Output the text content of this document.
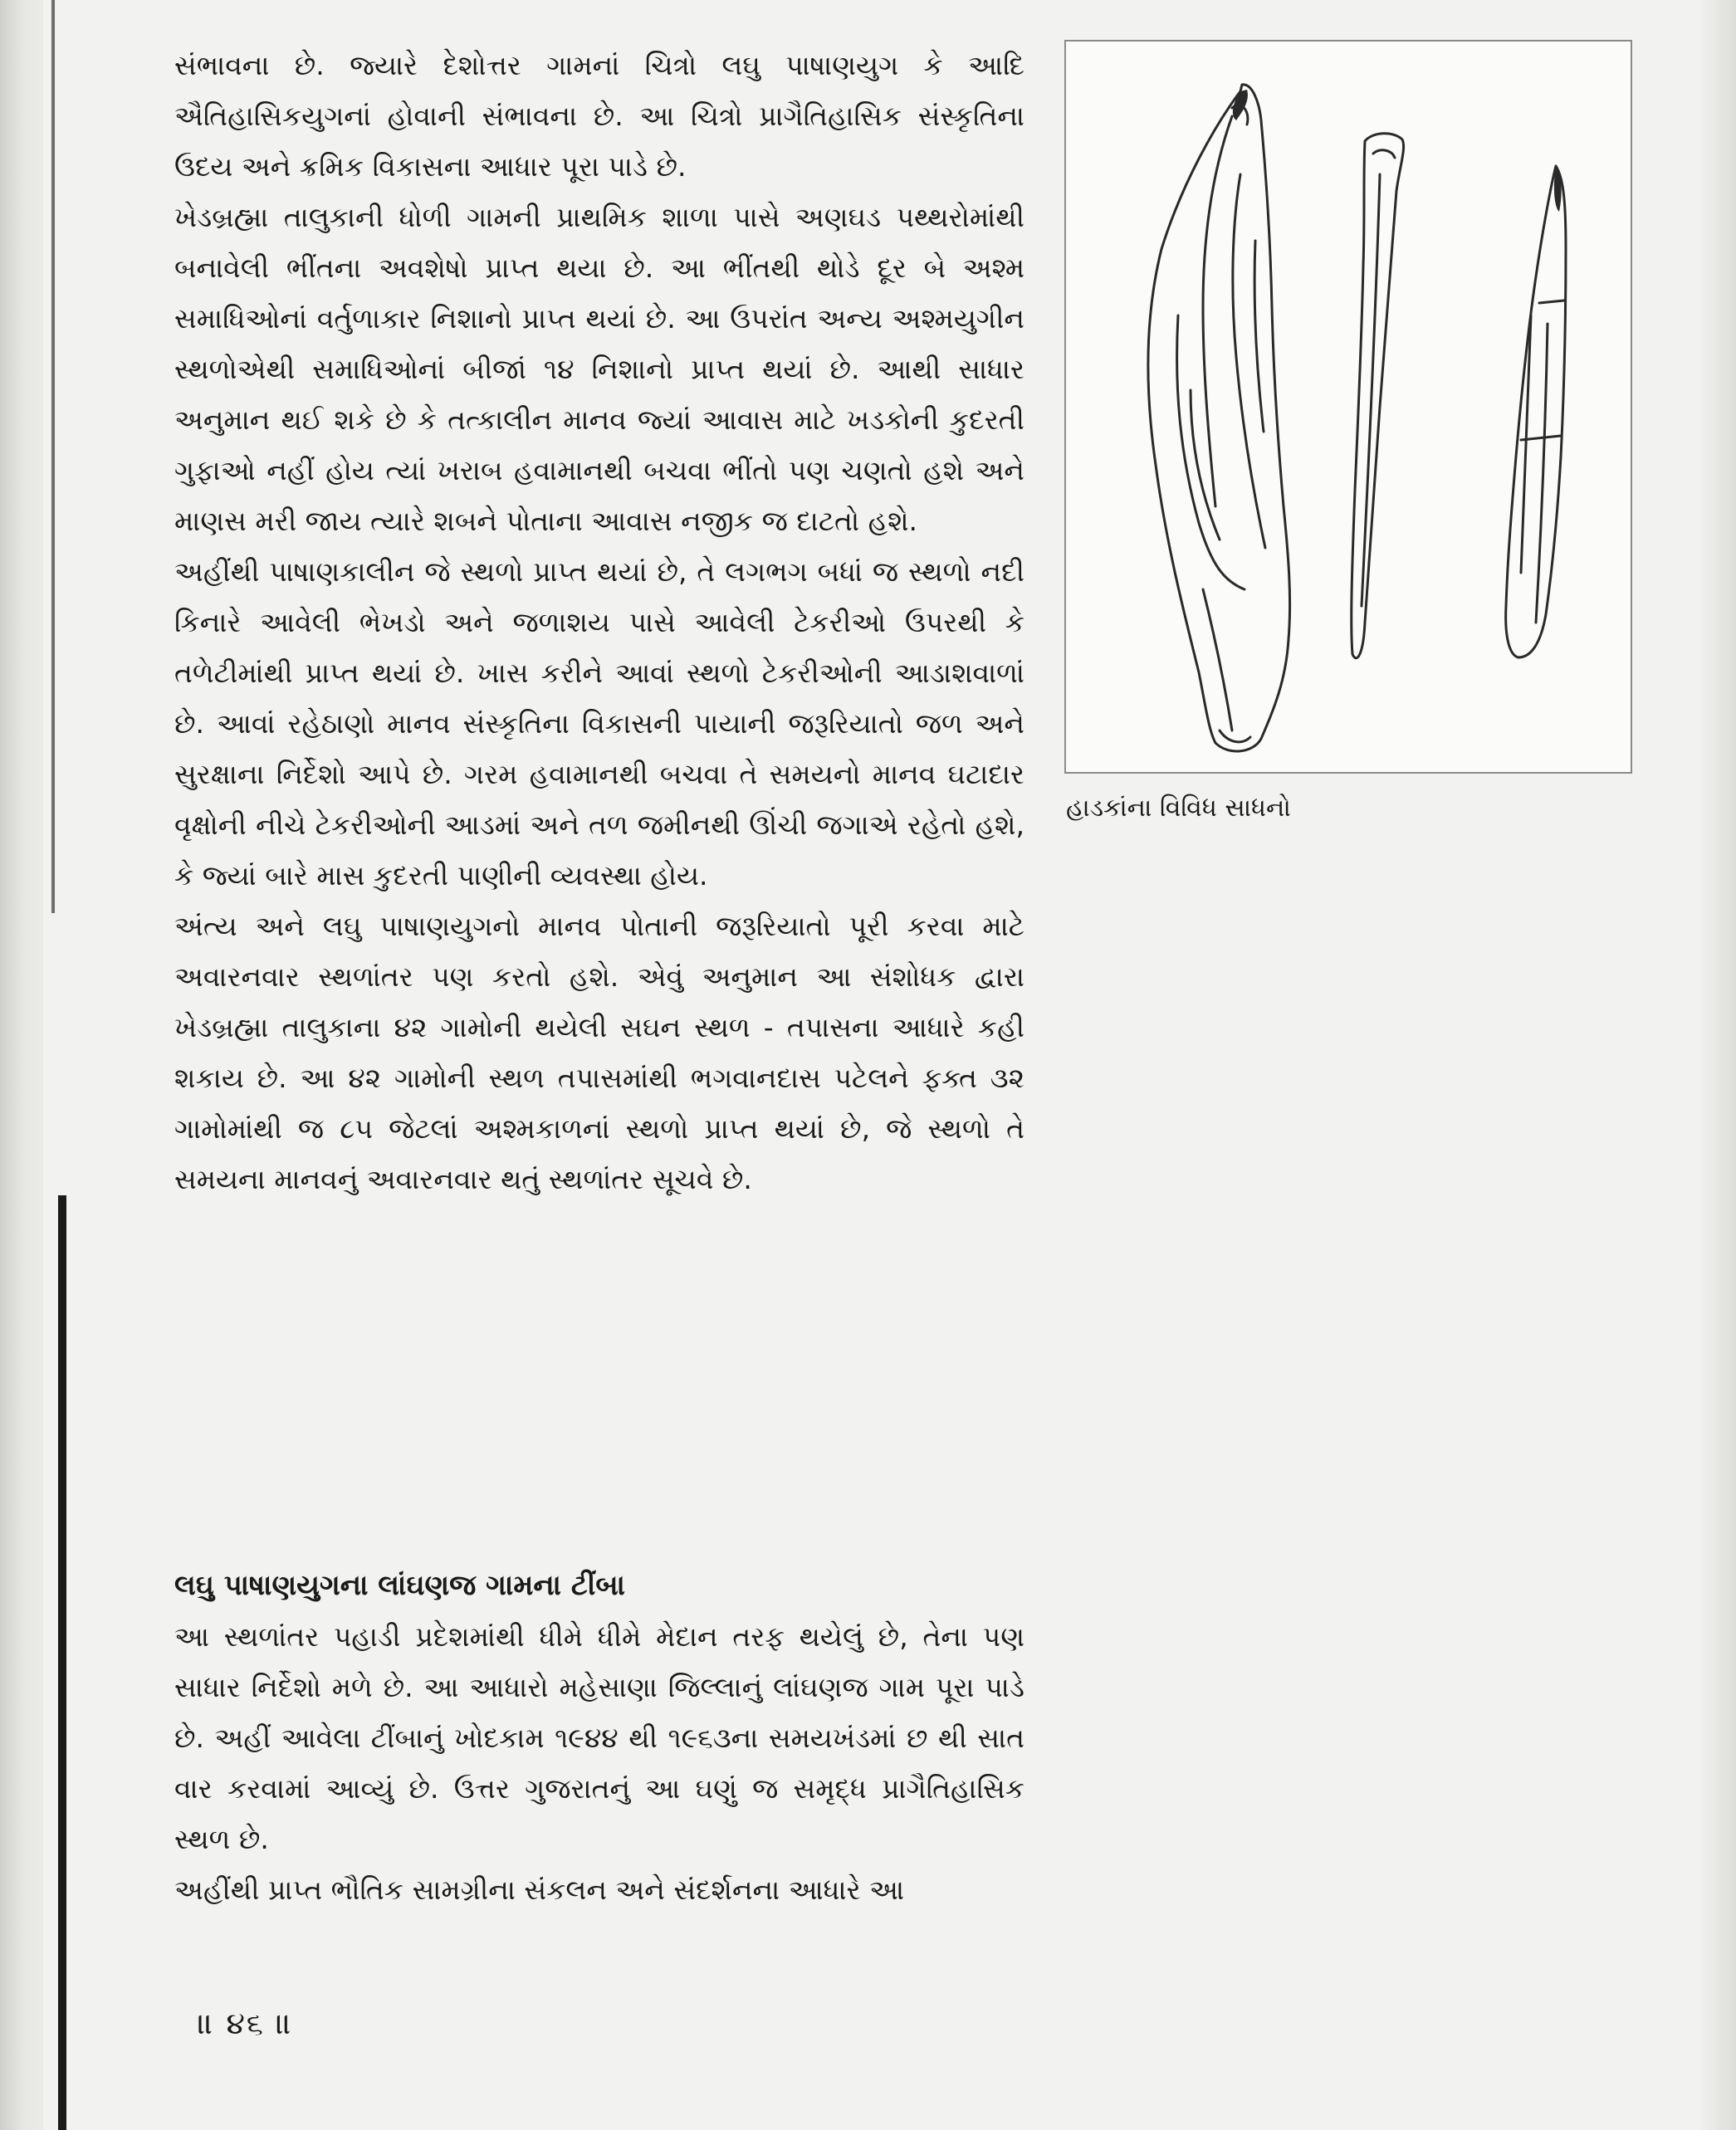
સંભાવના છે. જ્યારે દેશોત્તર ગામનાં ચિત્રો લઘુ પાષાણયુગ કે આદિ ઐતિહાસિકયુગનાં હોવાની સંભાવના છે. આ ચિત્રો પ્રાગૈતિહાસિક સંસ્કૃતિના ઉદય અને ક્રમિક વિકાસના આધાર પૂરા પાડે છે.

ખેડબ્રહ્મા તાલુકાની ધોળી ગામની પ્રાથમિક શાળા પાસે અણઘડ પથ્થરોમાંથી બનાવેલી ભીંતના અવશેષો પ્રાપ્ત થયા છે. આ ભીંતથી થોડે દૂર બે અશ્મ સમાધિઓનાં વર્તુળાકાર નિશાનો પ્રાપ્ત થયાં છે. આ ઉપરાંત અન્ય અશ્મયુગીન સ્થળોએથી સમાધિઓનાં બીજાં ૧૪ નિશાનો પ્રાપ્ત થયાં છે. આથી સાધાર અનુમાન થઈ શકે છે કે તત્કાલીન માનવ જ્યાં આવાસ માટે ખડકોની કુદરતી ગુફાઓ નહીં હોય ત્યાં ખરાબ હવામાનથી બચવા ભીંતો પણ ચણતો હશે અને માણસ મરી જાય ત્યારે શબને પોતાના આવાસ નજીક જ દાટતો હશે.

અહીંથી પાષાણકાલીન જે સ્થળો પ્રાપ્ત થયાં છે, તે લગભગ બધાં જ સ્થળો નદી કિનારે આવેલી ભેખડો અને જળાશય પાસે આવેલી ટેકરીઓ ઉપરથી કે તળેટીમાંથી પ્રાપ્ત થયાં છે. ખાસ કરીને આવાં સ્થળો ટેકરીઓની આડાશવાળાં છે. આવાં રહેઠાણો માનવ સંસ્કૃતિના વિકાસની પાયાની જરૂરિયાતો જળ અને સુરક્ષાના નિર્દેશો આપે છે. ગરમ હવામાનથી બચવા તે સમયનો માનવ ઘટાદાર વૃક્ષોની નીચે ટેકરીઓની આડમાં અને તળ જમીનથી ઊંચી જગાએ રહેતો હશે, કે જ્યાં બારે માસ કુદરતી પાણીની વ્યવસ્થા હોય.

અંત્ય અને લઘુ પાષાણયુગનો માનવ પોતાની જરૂરિયાતો પૂરી કરવા માટે અવારનવાર સ્થળાંતર પણ કરતો હશે. એવું અનુમાન આ સંશોધક દ્વારા ખેડબ્રહ્મા તાલુકાના ૪૨ ગામોની થયેલી સઘન સ્થળ - તપાસના આધારે કહી શકાય છે. આ ૪૨ ગામોની સ્થળ તપાસમાંથી ભગવાનદાસ પટેલને ફક્ત ૩૨ ગામોમાંથી જ ૮૫ જેટલાં અશ્મકાળનાં સ્થળો પ્રાપ્ત થયાં છે, જે સ્થળો તે સમયના માનવનું અવારનવાર થતું સ્થળાંતર સૂચવે છે.

લઘુ પાષાણયુગના લાંઘણજ ગામના ટીંબા

આ સ્થળાંતર પહાડી પ્રદેશમાંથી ધીમે ધીમે મેદાન તરફ થયેલું છે, તેના પણ સાધાર નિર્દેશો મળે છે. આ આધારો મહેસાણા જિલ્લાનું લાંઘણજ ગામ પૂરા પાડે છે. અહીં આવેલા ટીંબાનું ખોદકામ ૧૯૪૪ થી ૧૯૬૩ના સમયખંડમાં છ થી સાત વાર કરવામાં આવ્યું છે. ઉત્તર ગુજરાતનું આ ઘણું જ સમૃદ્ધ પ્રાગૈતિહાસિક સ્થળ છે.

અહીંથી પ્રાપ્ત ભૌતિક સામગ્રીના સંકલન અને સંદર્શનના આધારે આ

હાડકાંના વિવિધ સાધનો
॥ ૪૬ ॥
